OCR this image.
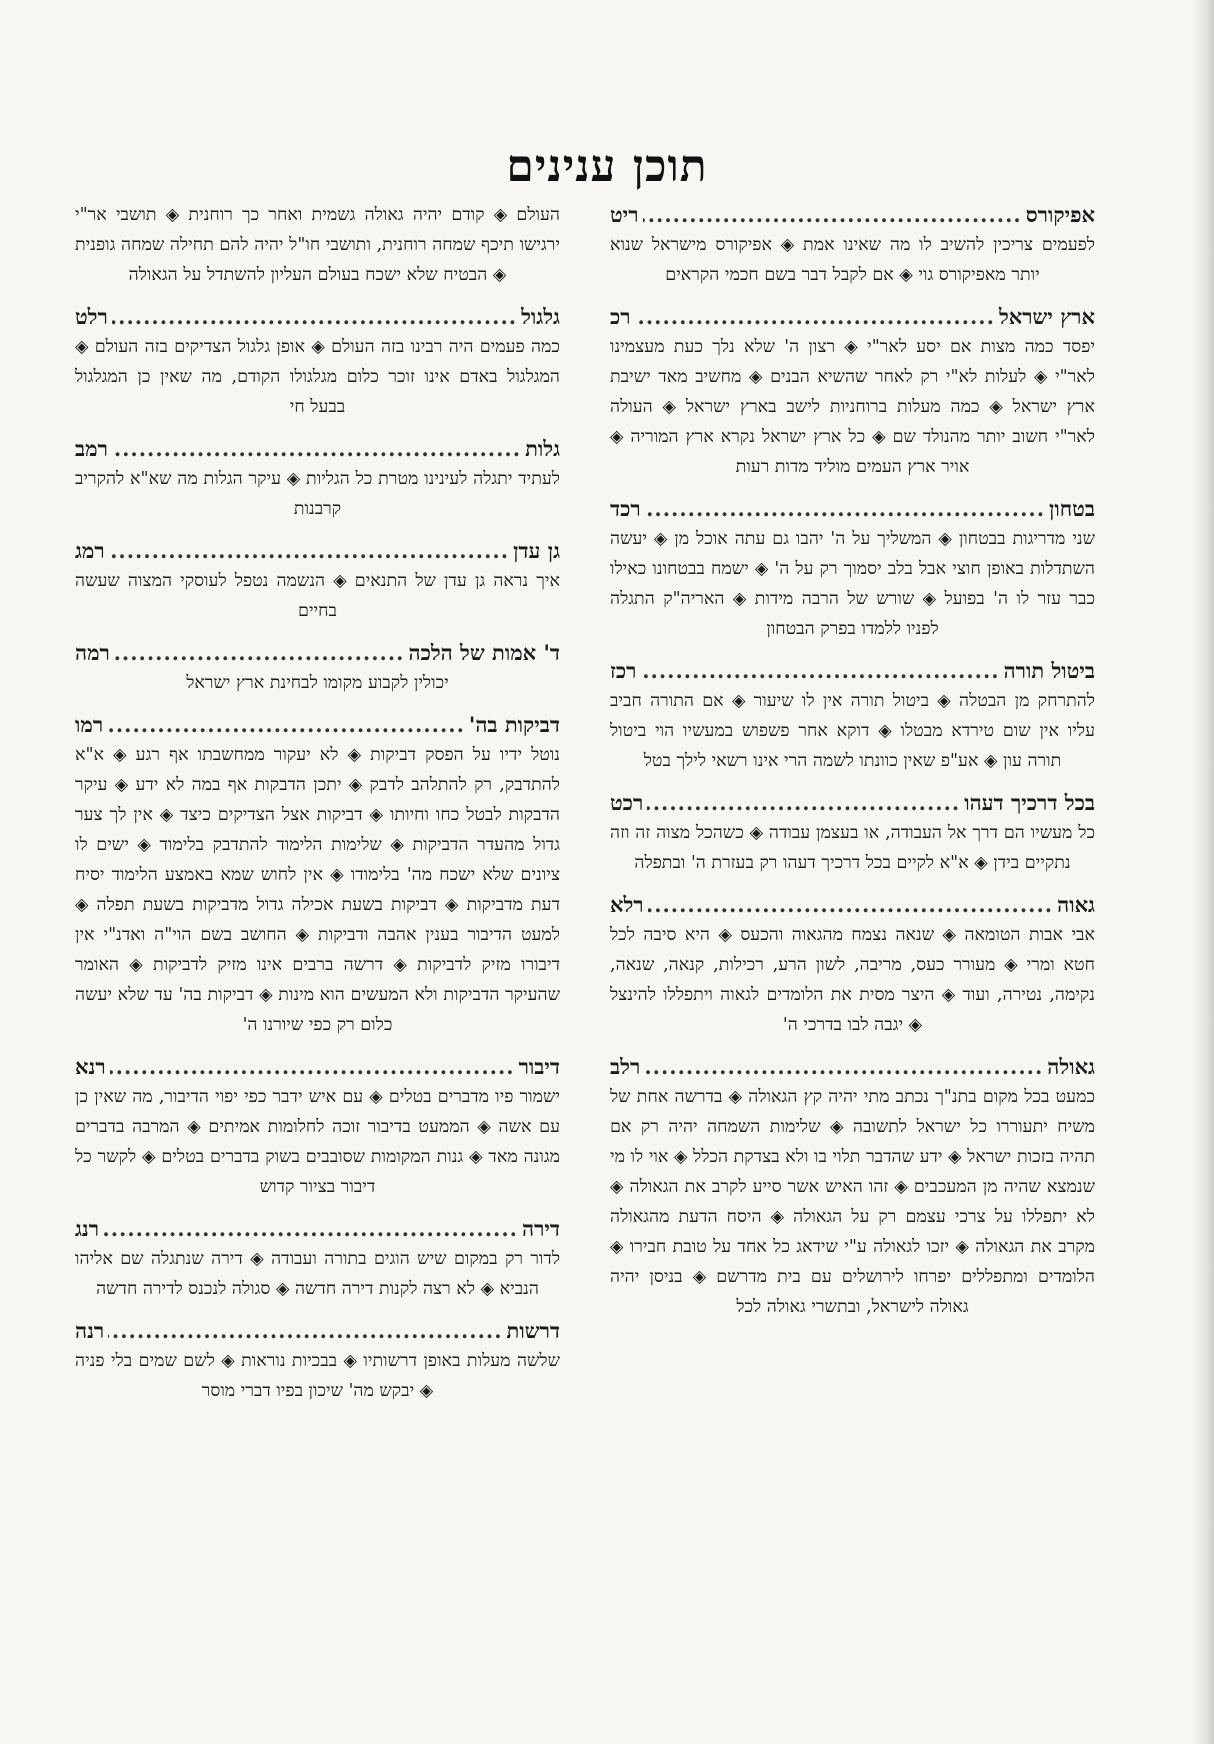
תוכן ענינים
אפיקורס
.....
ריט
לפעמים צריכין להשיב לו מה שאינו אמת ◈ אפיקורס מישראל שנוא יותר מאפיקורס גוי ◈ אם לקבל דבר בשם חכמי הקראים
ארץ ישראל
.....
רכ
יפסד כמה מצות אם יסע לאר"י ◈ רצון ה' שלא נלך כעת מעצמינו לאר"י ◈ לעלות לא"י רק לאחר שהשיא הבנים ◈ מחשיב מאד ישיבת ארץ ישראל ◈ כמה מעלות ברוחניות לישב בארץ ישראל ◈ העולה לאר"י חשוב יותר מהנולד שם ◈ כל ארץ ישראל נקרא ארץ המוריה ◈ אויר ארץ העמים מוליד מדות רעות
בטחון
.....
רכד
שני מדריגות בבטחון ◈ המשליך על ה' יהבו גם עתה אוכל מן ◈ יעשה השתדלות באופן חוצי אבל בלב יסמוך רק על ה' ◈ ישמח בבטחונו כאילו כבר עזר לו ה' בפועל ◈ שורש של הרבה מידות ◈ האריה"ק התגלה לפניו ללמדו בפרק הבטחון
ביטול תורה
.....
רכז
להתרחק מן הבטלה ◈ ביטול תורה אין לו שיעור ◈ אם התורה חביב עליו אין שום טירדא מבטלו ◈ דוקא אחר פשפוש במעשיו הוי ביטול תורה עון ◈ אע"פ שאין כוונתו לשמה הרי אינו רשאי לילך בטל
בכל דרכיך דעהו
.....
רכט
כל מעשיו הם דרך אל העבודה, או בעצמן עבודה ◈ כשהכל מצוה זה וזה נתקיים בידן ◈ א"א לקיים בכל דרכיך דעהו רק בעזרת ה' ובתפלה
גאוה
.....
רלא
אבי אבות הטומאה ◈ שנאה נצמח מהגאוה והכעס ◈ היא סיבה לכל חטא ומרי ◈ מעורר כעס, מריבה, לשון הרע, רכילות, קנאה, שנאה, נקימה, נטירה, ועוד ◈ היצר מסית את הלומדים לגאוה ויתפללו להינצל ◈ יגבה לבו בדרכי ה'
גאולה
.....
רלב
כמעט בכל מקום בתנ"ך נכתב מתי יהיה קץ הגאולה ◈ בדרשה אחת של משיח יתעוררו כל ישראל לתשובה ◈ שלימות השמחה יהיה רק אם תהיה בזכות ישראל ◈ ידע שהדבר תלוי בו ולא בצדקת הכלל ◈ אוי לו מי שנמצא שהיה מן המעכבים ◈ זהו האיש אשר סייע לקרב את הגאולה ◈ לא יתפללו על צרכי עצמם רק על הגאולה ◈ היסח הדעת מהגאולה מקרב את הגאולה ◈ יזכו לגאולה ע"י שידאג כל אחד על טובת חבירו ◈ הלומדים ומתפללים יפרחו לירושלים עם בית מדרשם ◈ בניסן יהיה גאולה לישראל, ובתשרי גאולה לכל
העולם ◈ קודם יהיה גאולה גשמית ואחר כך רוחנית ◈ תושבי אר"י ירגישו תיכף שמחה רוחנית, ותושבי חו"ל יהיה להם תחילה שמחה גופנית ◈ הבטיח שלא ישכח בעולם העליון להשתדל על הגאולה
גלגול
.....
רלט
כמה פעמים היה רבינו בזה העולם ◈ אופן גלגול הצדיקים בזה העולם ◈ המגלגול באדם אינו זוכר כלום מגלגולו הקודם, מה שאין כן המגלגול בבעל חי
גלות
.....
רמב
לעתיד יתגלה לעינינו מטרת כל הגליות ◈ עיקר הגלות מה שא"א להקריב קרבנות
גן עדן
.....
רמג
איך נראה גן עדן של התנאים ◈ הנשמה נטפל לעוסקי המצוה שעשה בחיים
ד' אמות של הלכה
.....
רמה
יכולין לקבוע מקומו לבחינת ארץ ישראל
דביקות בה'
.....
רמו
נוטל ידיו על הפסק דביקות ◈ לא יעקור ממחשבתו אף רגע ◈ א"א להתדבק, רק להתלהב לדבק ◈ יתכן הדבקות אף במה לא ידע ◈ עיקר הדבקות לבטל כחו וחיותו ◈ דביקות אצל הצדיקים כיצד ◈ אין לך צער גדול מהעדר הדביקות ◈ שלימות הלימוד להתדבק בלימוד ◈ ישים לו ציונים שלא ישכח מה' בלימודו ◈ אין לחוש שמא באמצע הלימוד יסיח דעת מדביקות ◈ דביקות בשעת אכילה גדול מדביקות בשעת תפלה ◈ למעט הדיבור בענין אהבה ודביקות ◈ החושב בשם הוי"ה ואדנ"י אין דיבורו מזיק לדביקות ◈ דרשה ברבים אינו מזיק לדביקות ◈ האומר שהעיקר הדביקות ולא המעשים הוא מינות ◈ דביקות בה' עד שלא יעשה כלום רק כפי שיורנו ה'
דיבור
.....
רנא
ישמור פיו מדברים בטלים ◈ עם איש ידבר כפי יפוי הדיבור, מה שאין כן עם אשה ◈ הממעט בדיבור זוכה לחלומות אמיתים ◈ המרבה בדברים מגונה מאד ◈ גנות המקומות שסובבים בשוק בדברים בטלים ◈ לקשר כל דיבור בציור קדוש
דירה
.....
רנג
לדור רק במקום שיש הוגים בתורה ועבודה ◈ דירה שנתגלה שם אליהו הנביא ◈ לא רצה לקנות דירה חדשה ◈ סגולה לנכנס לדירה חדשה
דרשות
.....
רנה
שלשה מעלות באופן דרשותיו ◈ בבכיות נוראות ◈ לשם שמים בלי פניה ◈ יבקש מה' שיכון בפיו דברי מוסר
